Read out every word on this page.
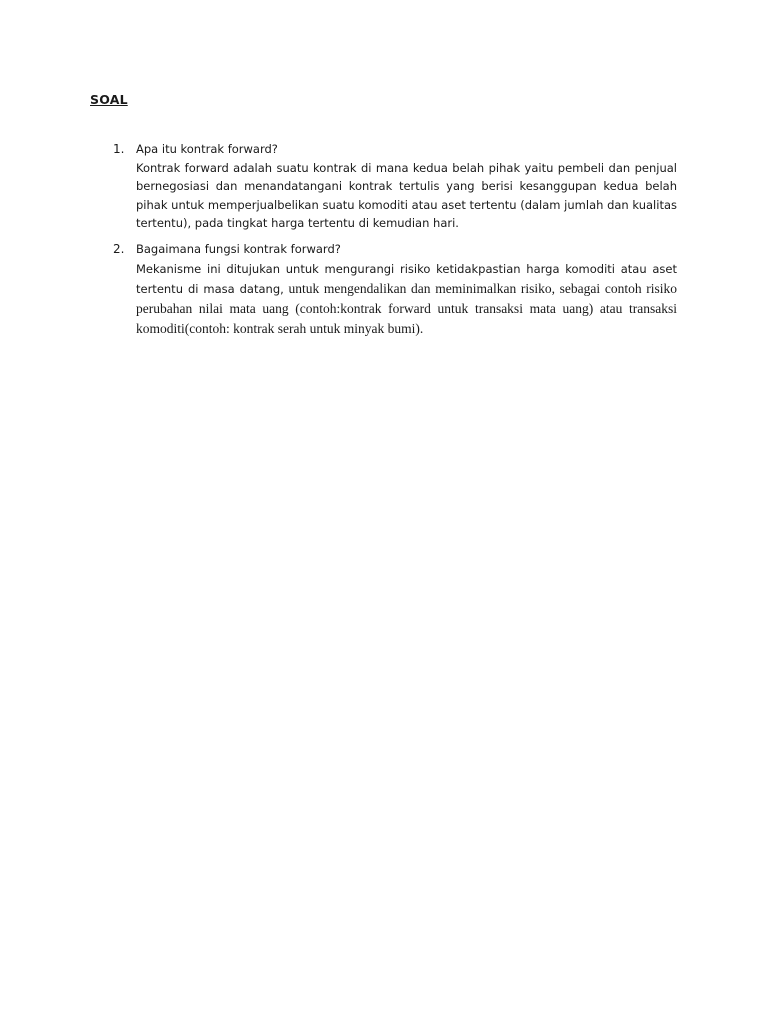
SOAL
1. Apa itu kontrak forward?
Kontrak forward adalah suatu kontrak di mana kedua belah pihak yaitu pembeli dan penjual bernegosiasi dan menandatangani kontrak tertulis yang berisi kesanggupan kedua belah pihak untuk memperjualbelikan suatu komoditi atau aset tertentu (dalam jumlah dan kualitas tertentu), pada tingkat harga tertentu di kemudian hari.
2. Bagaimana fungsi kontrak forward?
Mekanisme ini ditujukan untuk mengurangi risiko ketidakpastian harga komoditi atau aset tertentu di masa datang, untuk mengendalikan dan meminimalkan risiko, sebagai contoh risiko perubahan nilai mata uang (contoh:kontrak forward untuk transaksi mata uang) atau transaksi komoditi(contoh: kontrak serah untuk minyak bumi).
